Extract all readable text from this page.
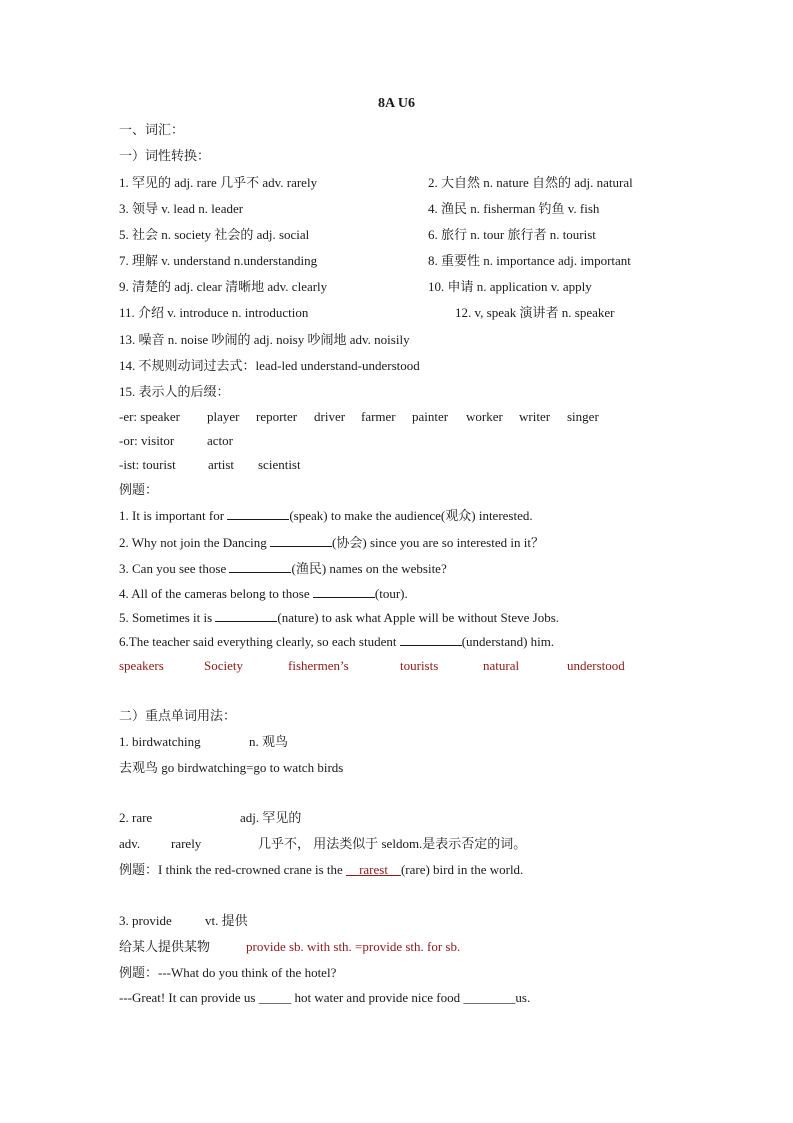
8A U6
一、词汇：
一）词性转换：
1. 罕见的 adj. rare 几乎不 adv. rarely	2. 大自然 n. nature 自然的 adj. natural
3. 领导 v. lead n. leader	4. 渔民 n. fisherman 钓鱼 v. fish
5. 社会 n. society 社会的 adj. social	6. 旅行 n. tour 旅行者 n. tourist
7. 理解 v. understand n.understanding	8. 重要性 n. importance adj. important
9. 清楚的 adj. clear 清晰地 adv. clearly	10. 申请 n. application v. apply
11. 介绍 v. introduce n. introduction	12. v, speak 演讲者 n. speaker
13. 噪音 n. noise 吵闹的 adj. noisy 吵闹地 adv. noisily
14. 不规则动词过去式：lead-led understand-understood
15. 表示人的后缀：
-er: speaker player reporter driver farmer painter worker writer singer
-or: visitor	actor
-ist: tourist artist scientist
例题：
1. It is important for	(speak) to make the audience(观众) interested.
2. Why not join the Dancing	(协会) since you are so interested in it？
3. Can you see those	(渔民) names on the website?
4. All of the cameras belong to those	(tour).
5. Sometimes it is	(nature) to ask what Apple will be without Steve Jobs.
6.The teacher said everything clearly, so each student	(understand) him.
speakers	Society	fishermen’s	tourists	natural	understood
二）重点单词用法：
1. birdwatching	n. 观鸟
去观鸟 go birdwatching=go to watch birds
2. rare	adj. 罕见的
adv. rarely	几乎不， 用法类似于 seldom.是表示否定的词。
例题：I think the red-crowned crane is the __rarest__(rare) bird in the world.
3. provide	vt. 提供
给某人提供某物	provide sb. with sth. =provide sth. for sb.
例题：---What do you think of the hotel?
---Great! It can provide us _____ hot water and provide nice food ________us.
